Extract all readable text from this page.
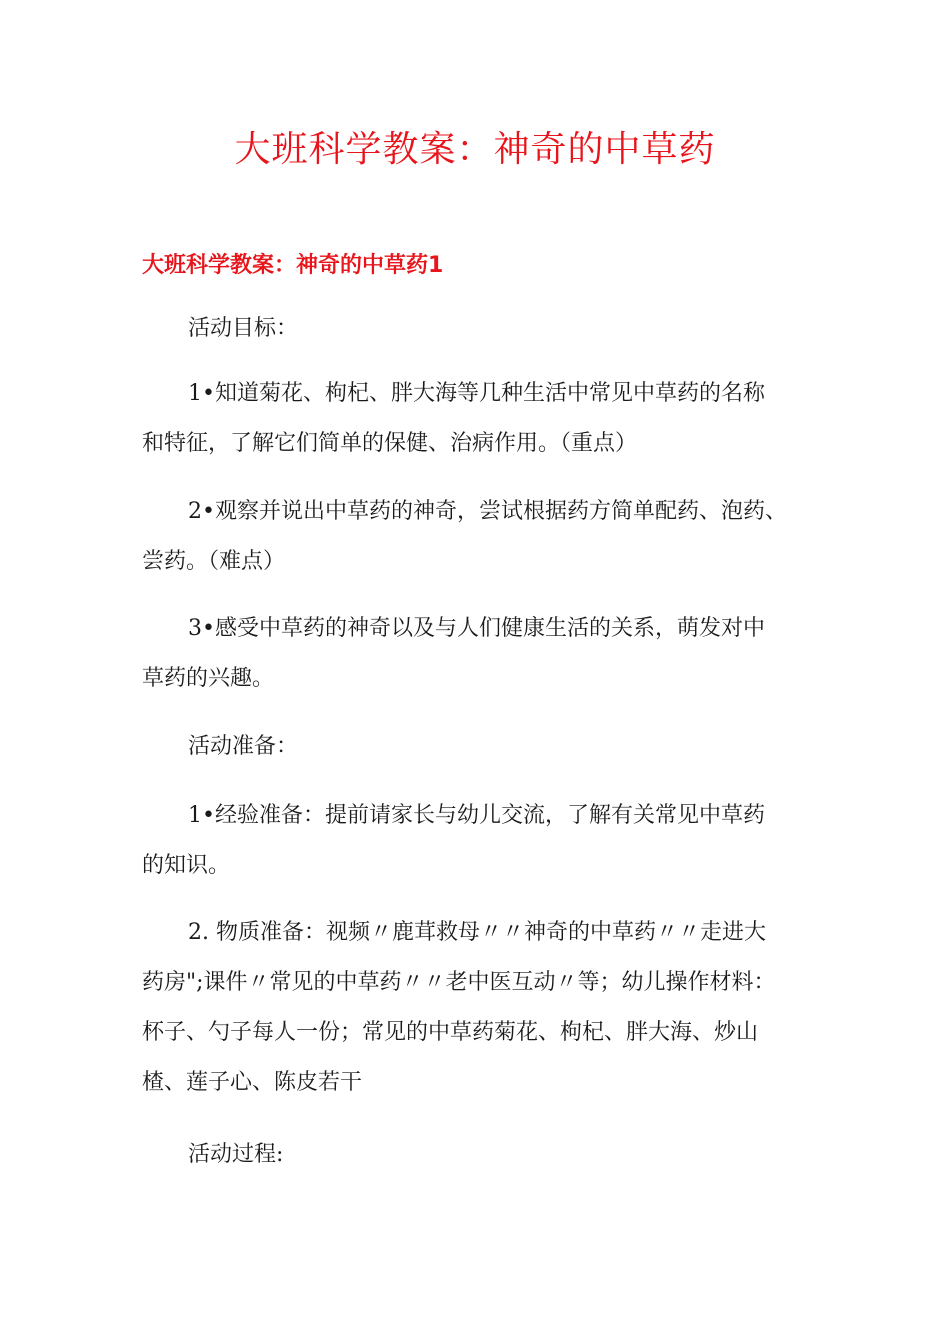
大班科学教案：神奇的中草药
大班科学教案：神奇的中草药1
活动目标：
1•知道菊花、枸杞、胖大海等几种生活中常见中草药的名称
和特征，了解它们简单的保健、治病作用。（重点）
2•观察并说出中草药的神奇，尝试根据药方简单配药、泡药、
尝药。（难点）
3•感受中草药的神奇以及与人们健康生活的关系，萌发对中
草药的兴趣。
活动准备：
1•经验准备：提前请家长与幼儿交流，了解有关常见中草药
的知识。
2. 物质准备：视频〃鹿茸救母〃〃神奇的中草药〃〃走进大
药房";课件〃常见的中草药〃〃老中医互动〃等；幼儿操作材料：
杯子、勺子每人一份；常见的中草药菊花、枸杞、胖大海、炒山
楂、莲子心、陈皮若干
活动过程:
